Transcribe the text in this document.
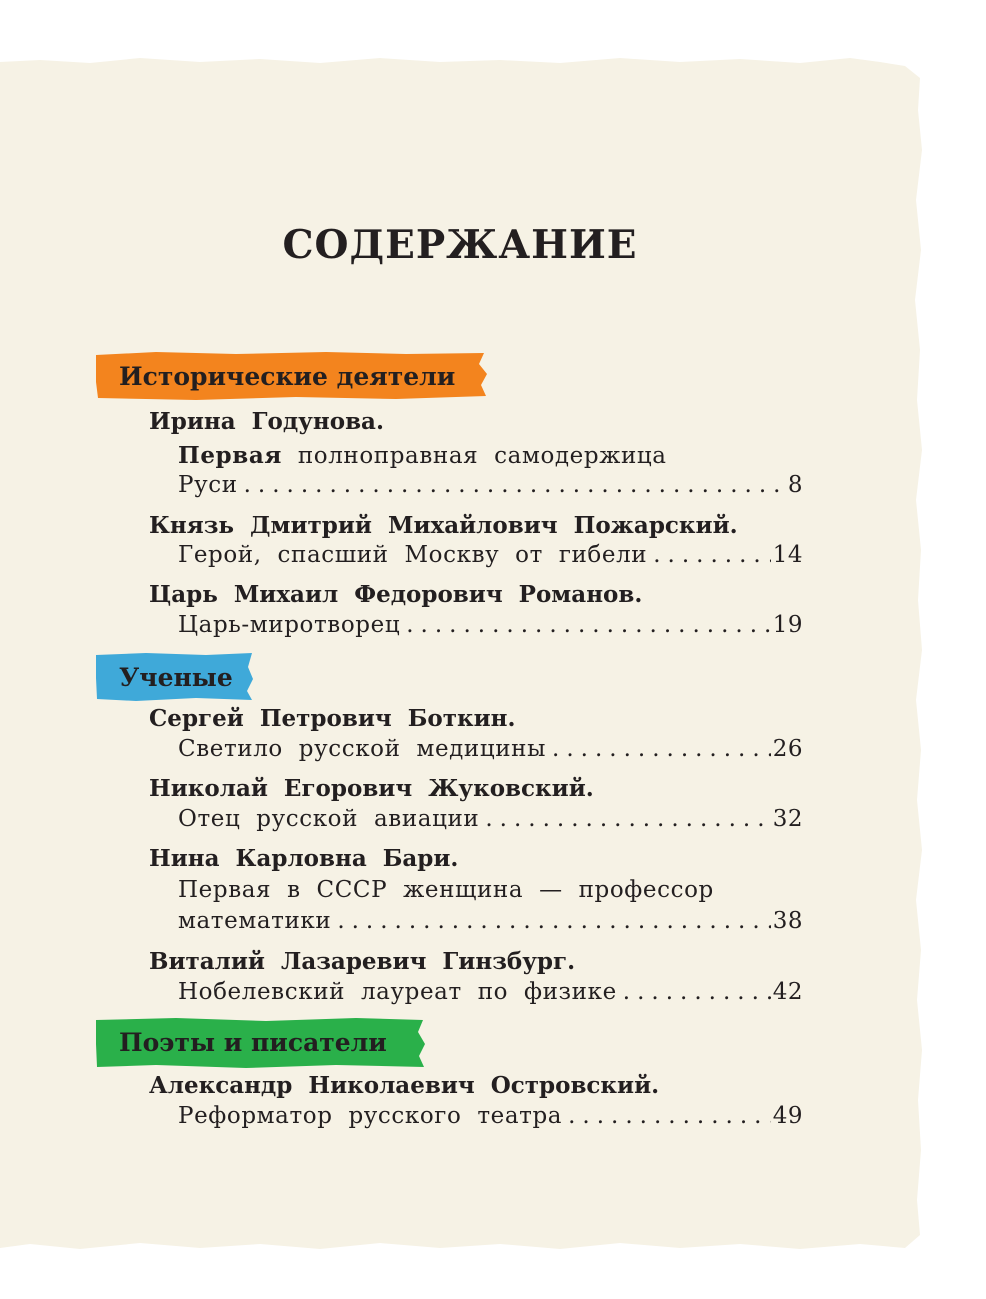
СОДЕРЖАНИЕ
Исторические деятели
Ирина Годунова.
Первая полноправная самодержица
Руси .....	8
Князь Дмитрий Михайлович Пожарский.
Герой, спасший Москву от гибели .....	14
Царь Михаил Федорович Романов.
Царь-миротворец .....	19
Ученые
Сергей Петрович Боткин.
Светило русской медицины .....	26
Николай Егорович Жуковский.
Отец русской авиации .....	32
Нина Карловна Бари.
Первая в СССР женщина — профессор
математики .....	38
Виталий Лазаревич Гинзбург.
Нобелевский лауреат по физике .....	42
Поэты и писатели
Александр Николаевич Островский.
Реформатор русского театра .....	49
